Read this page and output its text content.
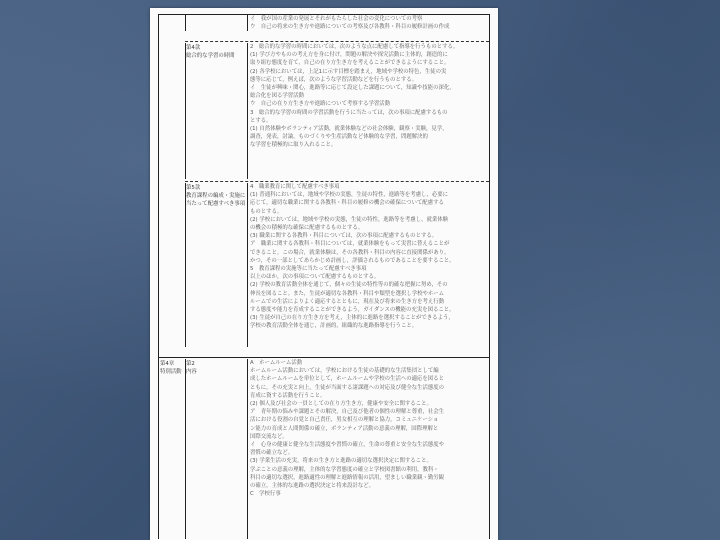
イ　我が国の産業の発展とそれがもたらした社会の変化についての考察

ウ　自己の将来の生き方や進路についての考察及び各教科・科目の履修計画の作成

第4款
総合的な学習の時間

2　総合的な学習の時間においては，次のような点に配慮して指導を行うものとする。

(1) 学び方やものの考え方を身に付け，問題の解決や探究活動に主体的，創造的に

取り組む態度を育て，自己の在り方生き方を考えることができるようにすること。

(2) 各学校においては，上記1に示す目標を踏まえ，地域や学校の特色，生徒の実

態等に応じて，例えば，次のような学習活動などを行うものとする。

イ　生徒が興味・関心，進路等に応じて設定した課題について，知識や技能の深化，

総合化を図る学習活動

ウ　自己の在り方生き方や進路について考察する学習活動

3　総合的な学習の時間の学習活動を行うに当たっては，次の事項に配慮するもの

とする。

(1) 自然体験やボランティア活動，就業体験などの社会体験，観察・実験，見学，

調査，発表，討論，ものづくりや生産活動など体験的な学習，問題解決的

な学習を積極的に取り入れること。

第5款
教育課程の編成・実施に当たって配慮すべき事項

4　職業教育に関して配慮すべき事項

(1) 普通科においては，地域や学校の実態，生徒の特性，進路等を考慮し，必要に

応じて，適切な職業に関する各教科・科目の履修の機会の確保について配慮する

ものとする。

(2) 学校においては，地域や学校の実態，生徒の特性，進路等を考慮し，就業体験

の機会の積極的な確保に配慮するものとする。

(3) 職業に関する各教科・科目については，次の事項に配慮するものとする。

ア　職業に関する各教科・科目については，就業体験をもって実習に替えることが

できること。この場合，就業体験は，その各教科・科目の内容に直接関係があり，

かつ，その一部としてあらかじめ計画し，評価されるものであることを要すること。

5　教育課程の実施等に当たって配慮すべき事項

以上のほか，次の事項について配慮するものとする。

(2) 学校の教育活動全体を通じて，個々の生徒の特性等の的確な把握に努め，その

伸長を図ること。また，生徒が適切な各教科・科目や類型を選択し学校やホーム

ルームでの生活によりよく適応するとともに，現在及び将来の生き方を考え行動

する態度や能力を育成することができるよう，ガイダンスの機能の充実を図ること。

(3) 生徒が自己の在り方生き方を考え，主体的に進路を選択することができるよう，

学校の教育活動全体を通じ，計画的，組織的な進路指導を行うこと。

第4章
特別活動
第2
内容

A　ホームルーム活動

ホームルーム活動においては，学校における生徒の基礎的な生活集団として編

成したホームルームを単位として，ホームルームや学校の生活への適応を図ると

ともに，その充実と向上，生徒が当面する諸課題への対応及び健全な生活態度の

育成に資する活動を行うこと。

(2) 個人及び社会の一員としての在り方生き方，健康や安全に関すること。

ア　青年期の悩みや課題とその解決，自己及び他者の個性の理解と尊重，社会生

活における役割の自覚と自己責任，男女相互の理解と協力，コミュニケーショ

ン能力の育成と人間関係の確立，ボランティア活動の意義の理解，国際理解と

国際交流など。

イ　心身の健康と健全な生活態度や習慣の確立，生命の尊重と安全な生活態度や

習慣の確立など。

(3) 学業生活の充実，将来の生き方と進路の適切な選択決定に関すること。

学ぶことの意義の理解，主体的な学習態度の確立と学校図書館の利用，教科・

科目の適切な選択，進路適性の理解と進路情報の活用，望ましい職業観・勤労観

の確立，主体的な進路の選択決定と将来設計など。

C　学校行事
